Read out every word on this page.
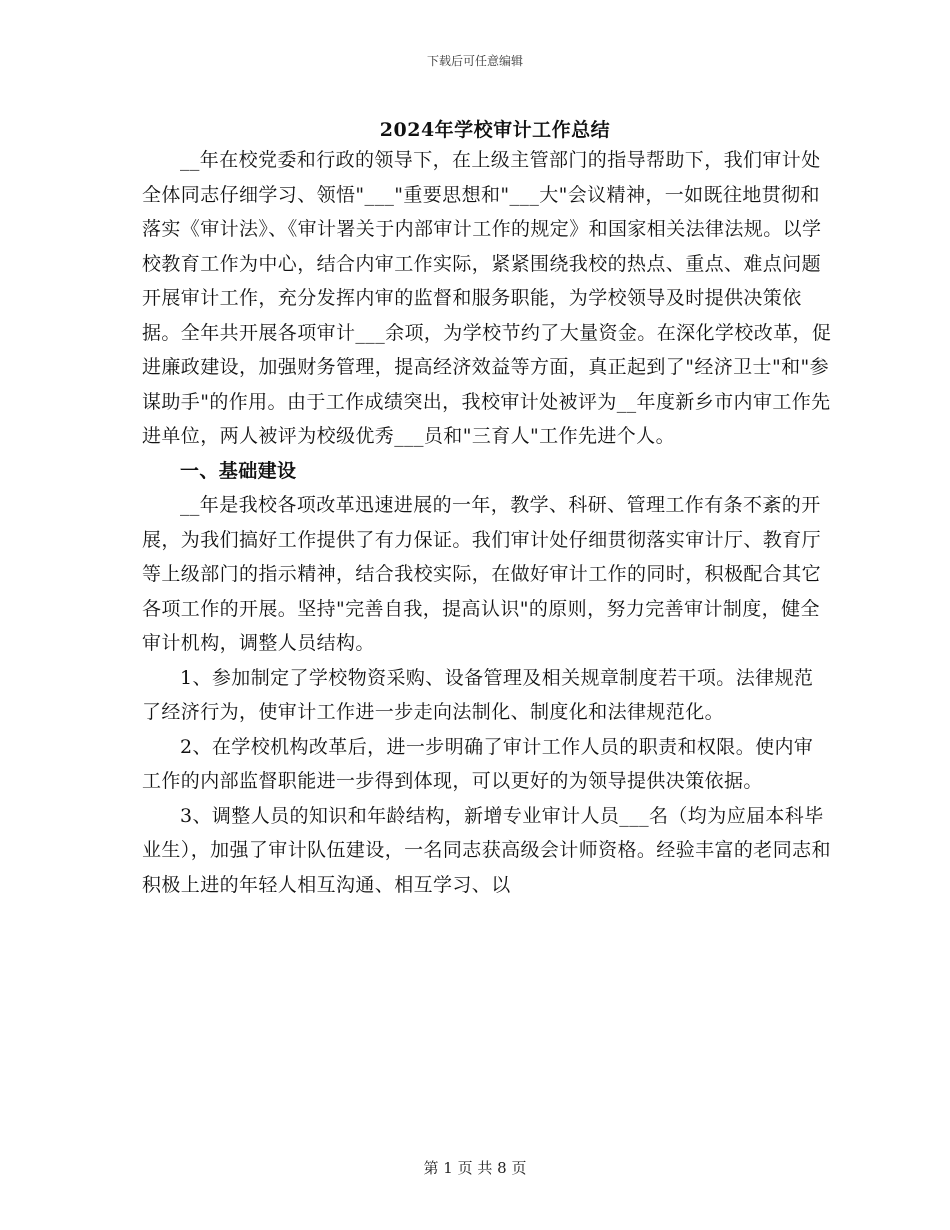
下载后可任意编辑
2024年学校审计工作总结

__年在校党委和行政的领导下，在上级主管部门的指导帮助下，我们审计处全体同志仔细学习、领悟"___"重要思想和"___大"会议精神，一如既往地贯彻和落实《审计法》、《审计署关于内部审计工作的规定》和国家相关法律法规。以学校教育工作为中心，结合内审工作实际，紧紧围绕我校的热点、重点、难点问题开展审计工作，充分发挥内审的监督和服务职能，为学校领导及时提供决策依据。全年共开展各项审计___余项，为学校节约了大量资金。在深化学校改革，促进廉政建设，加强财务管理，提高经济效益等方面，真正起到了"经济卫士"和"参谋助手"的作用。由于工作成绩突出，我校审计处被评为__年度新乡市内审工作先进单位，两人被评为校级优秀___员和"三育人"工作先进个人。

一、基础建设

__年是我校各项改革迅速进展的一年，教学、科研、管理工作有条不紊的开展，为我们搞好工作提供了有力保证。我们审计处仔细贯彻落实审计厅、教育厅等上级部门的指示精神，结合我校实际，在做好审计工作的同时，积极配合其它各项工作的开展。坚持"完善自我，提高认识"的原则，努力完善审计制度，健全审计机构，调整人员结构。

1、参加制定了学校物资采购、设备管理及相关规章制度若干项。法律规范了经济行为，使审计工作进一步走向法制化、制度化和法律规范化。

2、在学校机构改革后，进一步明确了审计工作人员的职责和权限。使内审工作的内部监督职能进一步得到体现，可以更好的为领导提供决策依据。

3、调整人员的知识和年龄结构，新增专业审计人员___名（均为应届本科毕业生），加强了审计队伍建设，一名同志获高级会计师资格。经验丰富的老同志和积极上进的年轻人相互沟通、相互学习、以

第 1 页 共 8 页
